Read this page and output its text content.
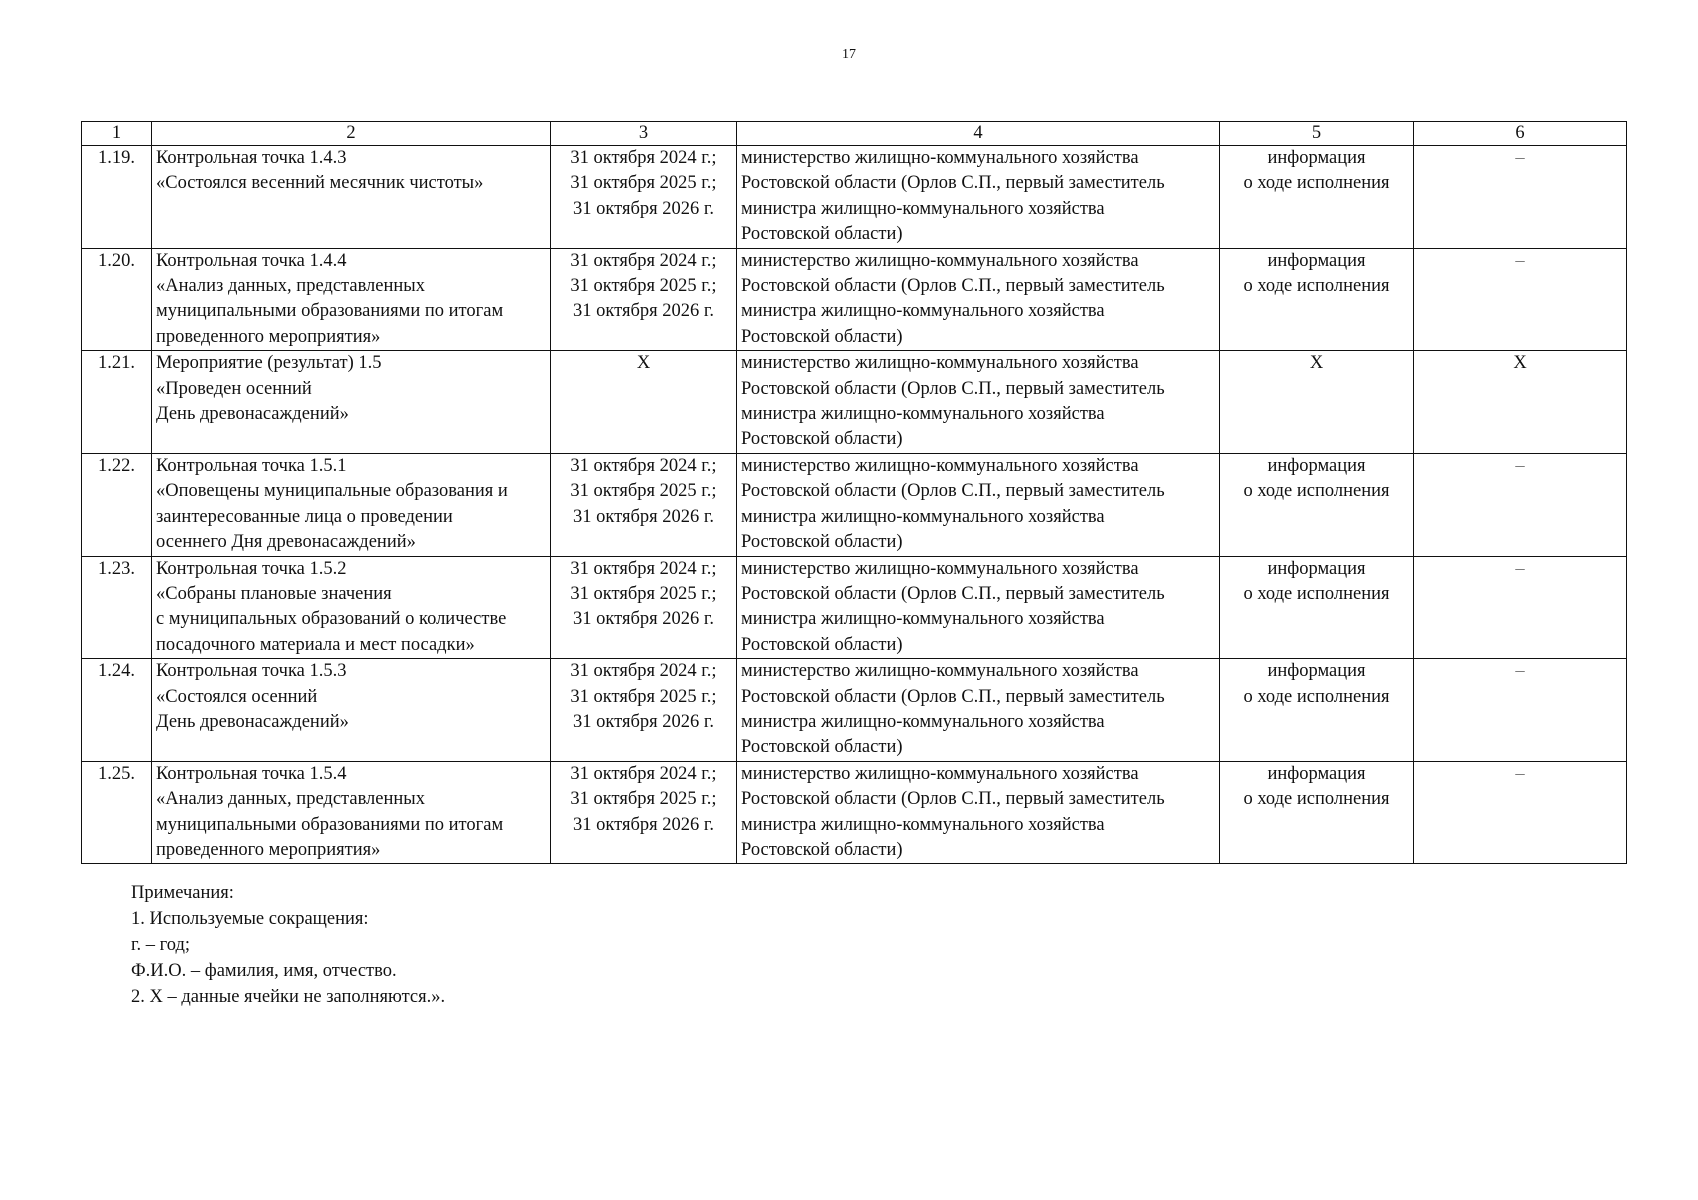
17
1	2	3	4	5	6

1.19.	Контрольная точка 1.4.3
«Состоялся весенний месячник чистоты»	31 октября 2024 г.;
31 октября 2025 г.;
31 октября 2026 г.	министерство жилищно-коммунального хозяйства
Ростовской области (Орлов С.П., первый заместитель
министра жилищно-коммунального хозяйства
Ростовской области)	информация
о ходе исполнения	–

1.20.	Контрольная точка 1.4.4
«Анализ данных, представленных
муниципальными образованиями по итогам
проведенного мероприятия»	31 октября 2024 г.;
31 октября 2025 г.;
31 октября 2026 г.	министерство жилищно-коммунального хозяйства
Ростовской области (Орлов С.П., первый заместитель
министра жилищно-коммунального хозяйства
Ростовской области)	информация
о ходе исполнения	–

1.21.	Мероприятие (результат) 1.5
«Проведен осенний
День древонасаждений»	Х	министерство жилищно-коммунального хозяйства
Ростовской области (Орлов С.П., первый заместитель
министра жилищно-коммунального хозяйства
Ростовской области)	Х	Х

1.22.	Контрольная точка 1.5.1
«Оповещены муниципальные образования и
заинтересованные лица о проведении
осеннего Дня древонасаждений»	31 октября 2024 г.;
31 октября 2025 г.;
31 октября 2026 г.	министерство жилищно-коммунального хозяйства
Ростовской области (Орлов С.П., первый заместитель
министра жилищно-коммунального хозяйства
Ростовской области)	информация
о ходе исполнения	–

1.23.	Контрольная точка 1.5.2
«Собраны плановые значения
с муниципальных образований о количестве
посадочного материала и мест посадки»	31 октября 2024 г.;
31 октября 2025 г.;
31 октября 2026 г.	министерство жилищно-коммунального хозяйства
Ростовской области (Орлов С.П., первый заместитель
министра жилищно-коммунального хозяйства
Ростовской области)	информация
о ходе исполнения	–

1.24.	Контрольная точка 1.5.3
«Состоялся осенний
День древонасаждений»	31 октября 2024 г.;
31 октября 2025 г.;
31 октября 2026 г.	министерство жилищно-коммунального хозяйства
Ростовской области (Орлов С.П., первый заместитель
министра жилищно-коммунального хозяйства
Ростовской области)	информация
о ходе исполнения	–

1.25.	Контрольная точка 1.5.4
«Анализ данных, представленных
муниципальными образованиями по итогам
проведенного мероприятия»	31 октября 2024 г.;
31 октября 2025 г.;
31 октября 2026 г.	министерство жилищно-коммунального хозяйства
Ростовской области (Орлов С.П., первый заместитель
министра жилищно-коммунального хозяйства
Ростовской области)	информация
о ходе исполнения	–
Примечания:
1. Используемые сокращения:
г. – год;
Ф.И.О. – фамилия, имя, отчество.
2. Х – данные ячейки не заполняются.».
